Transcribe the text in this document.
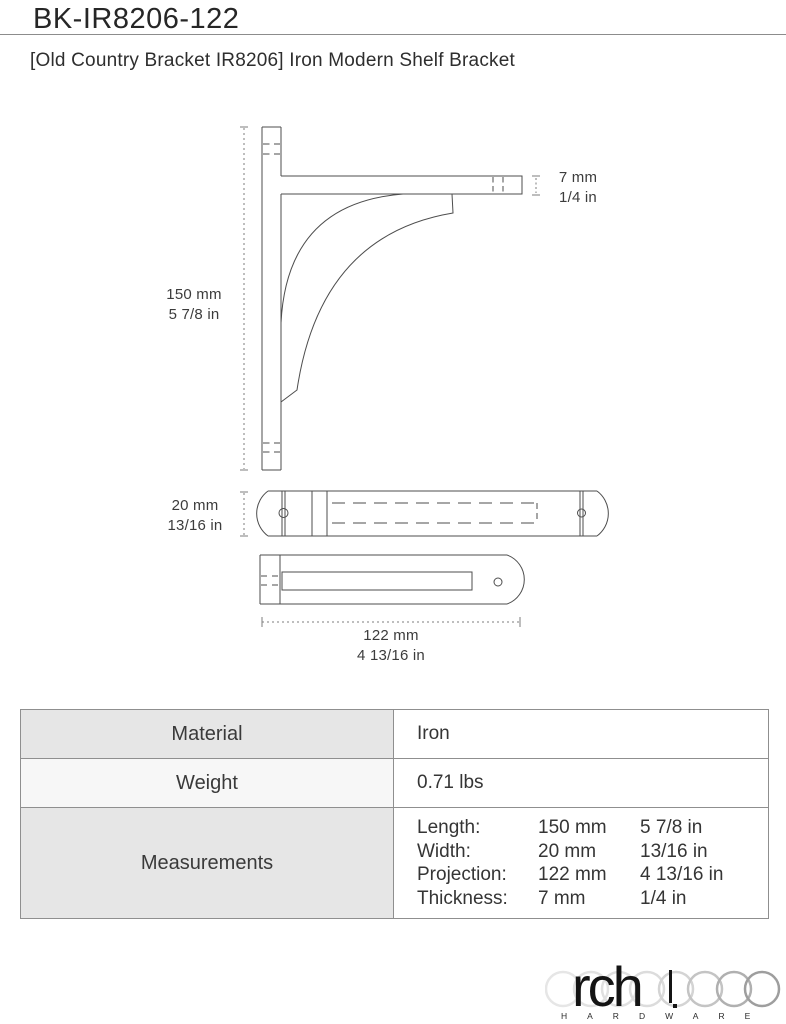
BK-IR8206-122
[Old Country Bracket IR8206] Iron Modern Shelf Bracket
150 mm
5 7/8 in
7 mm
1/4 in
20 mm
13/16 in
122 mm
4 13/16 in
Material	Iron
Weight	0.71 lbs
Measurements
Length:	150 mm	5 7/8 in
Width:	20 mm	13/16 in
Projection:	122 mm	4 13/16 in
Thickness:	7 mm	1/4 in
rch
HARDWARE
